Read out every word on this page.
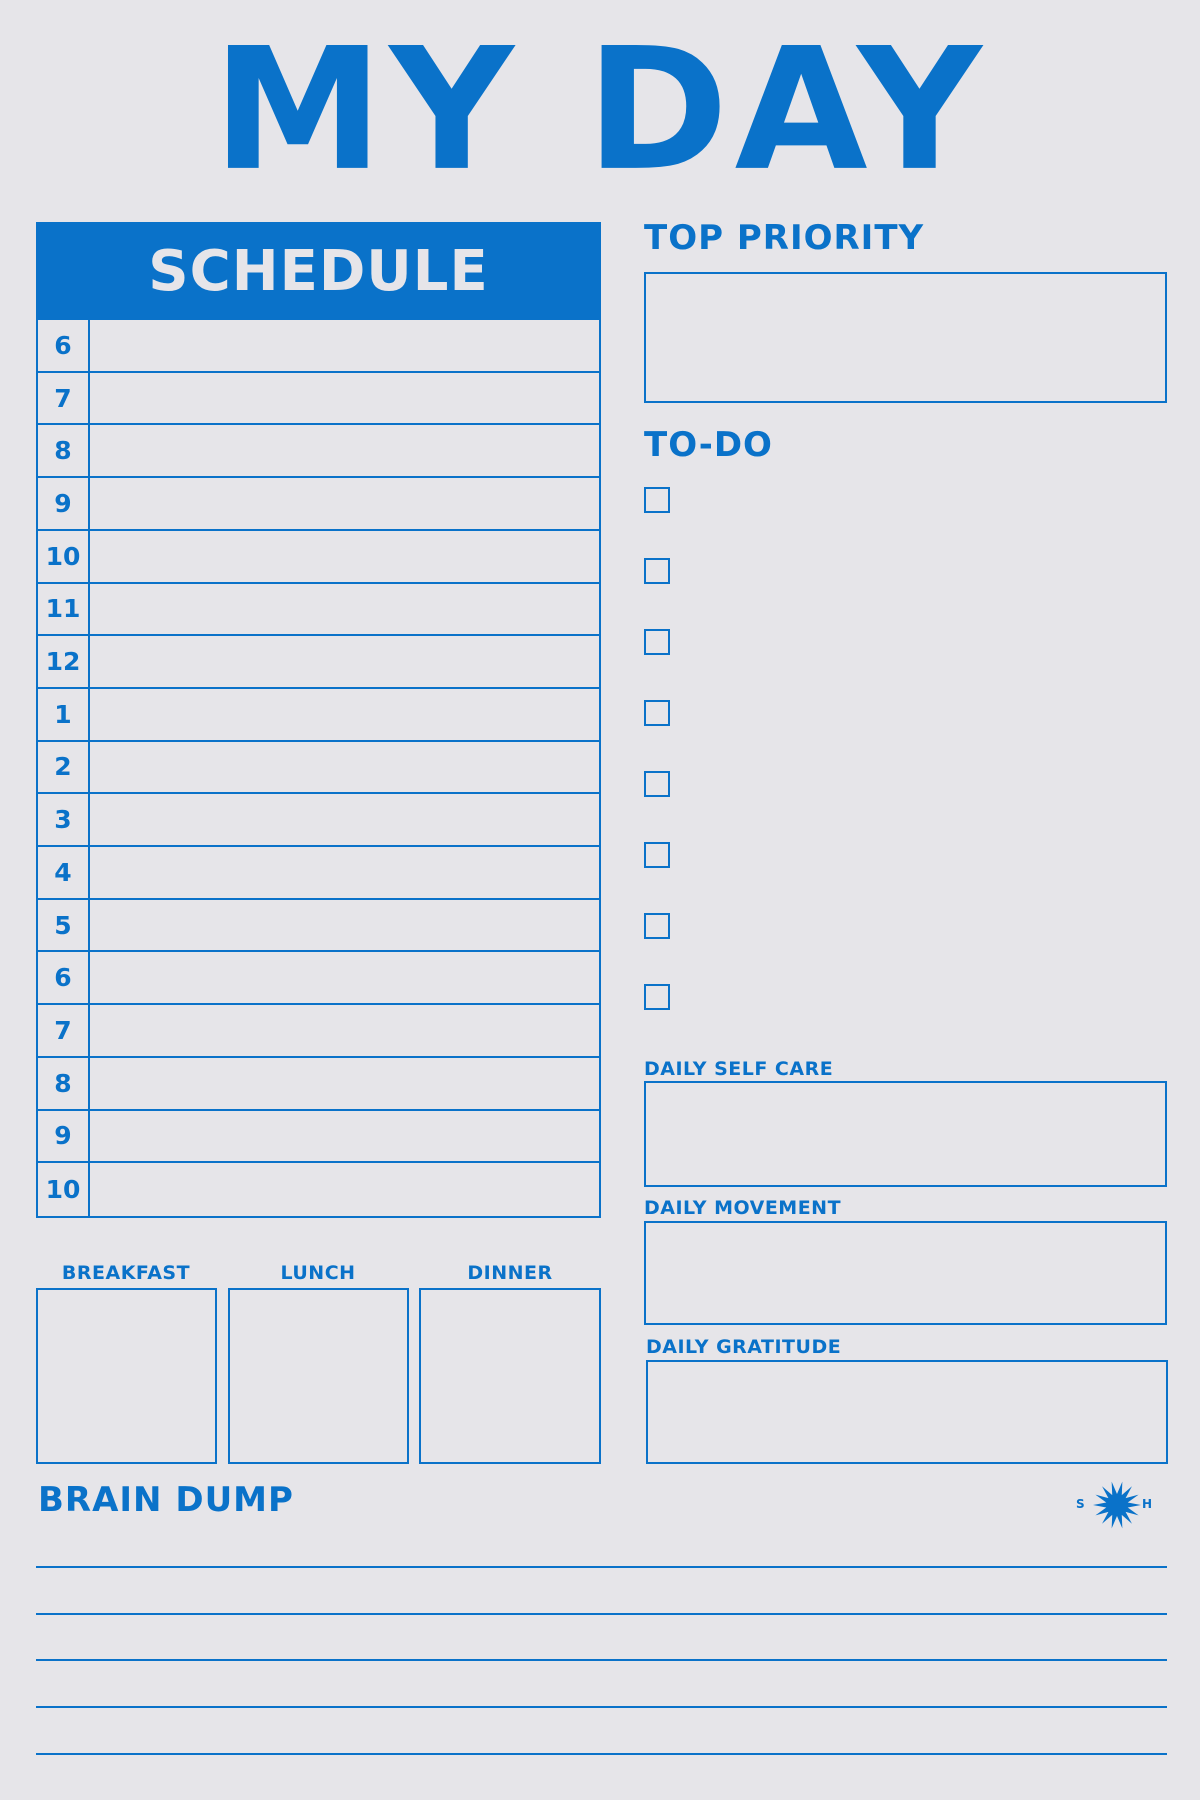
MY DAY
SCHEDULE
6
7
8
9
10
11
12
1
2
3
4
5
6
7
8
9
10
BREAKFAST	LUNCH	DINNER
TOP PRIORITY
TO-DO
DAILY SELF CARE
DAILY MOVEMENT
DAILY GRATITUDE
BRAIN DUMP	S	H
